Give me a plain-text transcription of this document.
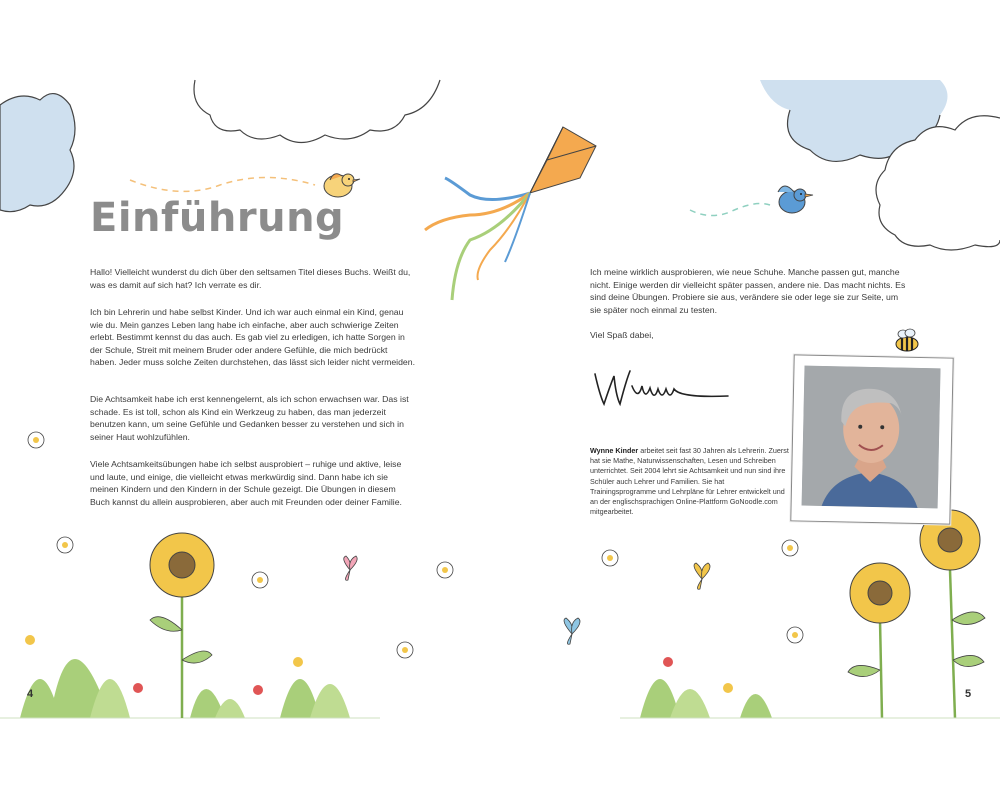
Einführung

Hallo! Vielleicht wunderst du dich über den seltsamen Titel dieses Buchs. Weißt du, was es damit auf sich hat? Ich verrate es dir.

Ich bin Lehrerin und habe selbst Kinder. Und ich war auch einmal ein Kind, genau wie du. Mein ganzes Leben lang habe ich einfache, aber auch schwierige Zeiten erlebt. Bestimmt kennst du das auch. Es gab viel zu erledigen, ich hatte Sorgen in der Schule, Streit mit meinem Bruder oder andere Gefühle, die mich bedrückt haben. Jeder muss solche Zeiten durchstehen, das lässt sich leider nicht vermeiden.

Die Achtsamkeit habe ich erst kennengelernt, als ich schon erwachsen war. Das ist schade. Es ist toll, schon als Kind ein Werkzeug zu haben, das man jederzeit benutzen kann, um seine Gefühle und Gedanken besser zu verstehen und sich in seiner Haut wohlzufühlen.

Viele Achtsamkeitsübungen habe ich selbst ausprobiert – ruhige und aktive, leise und laute, und einige, die vielleicht etwas merkwürdig sind. Dann habe ich sie meinen Kindern und den Kindern in der Schule gezeigt. Die Übungen in diesem Buch kannst du allein ausprobieren, aber auch mit Freunden oder deiner Familie.

Ich meine wirklich ausprobieren, wie neue Schuhe. Manche passen gut, manche nicht. Einige werden dir vielleicht später passen, andere nie. Das macht nichts. Es sind deine Übungen. Probiere sie aus, verändere sie oder lege sie zur Seite, um sie später noch einmal zu testen.

Viel Spaß dabei,

Wynne Kinder arbeitet seit fast 30 Jahren als Lehrerin. Zuerst hat sie Mathe, Naturwissenschaften, Lesen und Schreiben unterrichtet. Seit 2004 lehrt sie Achtsamkeit und nun sind ihre Schüler auch Lehrer und Familien. Sie hat Trainingsprogramme und Lehrpläne für Lehrer entwickelt und an der englischsprachigen Online-Plattform GoNoodle.com mitgearbeitet.
4	5
